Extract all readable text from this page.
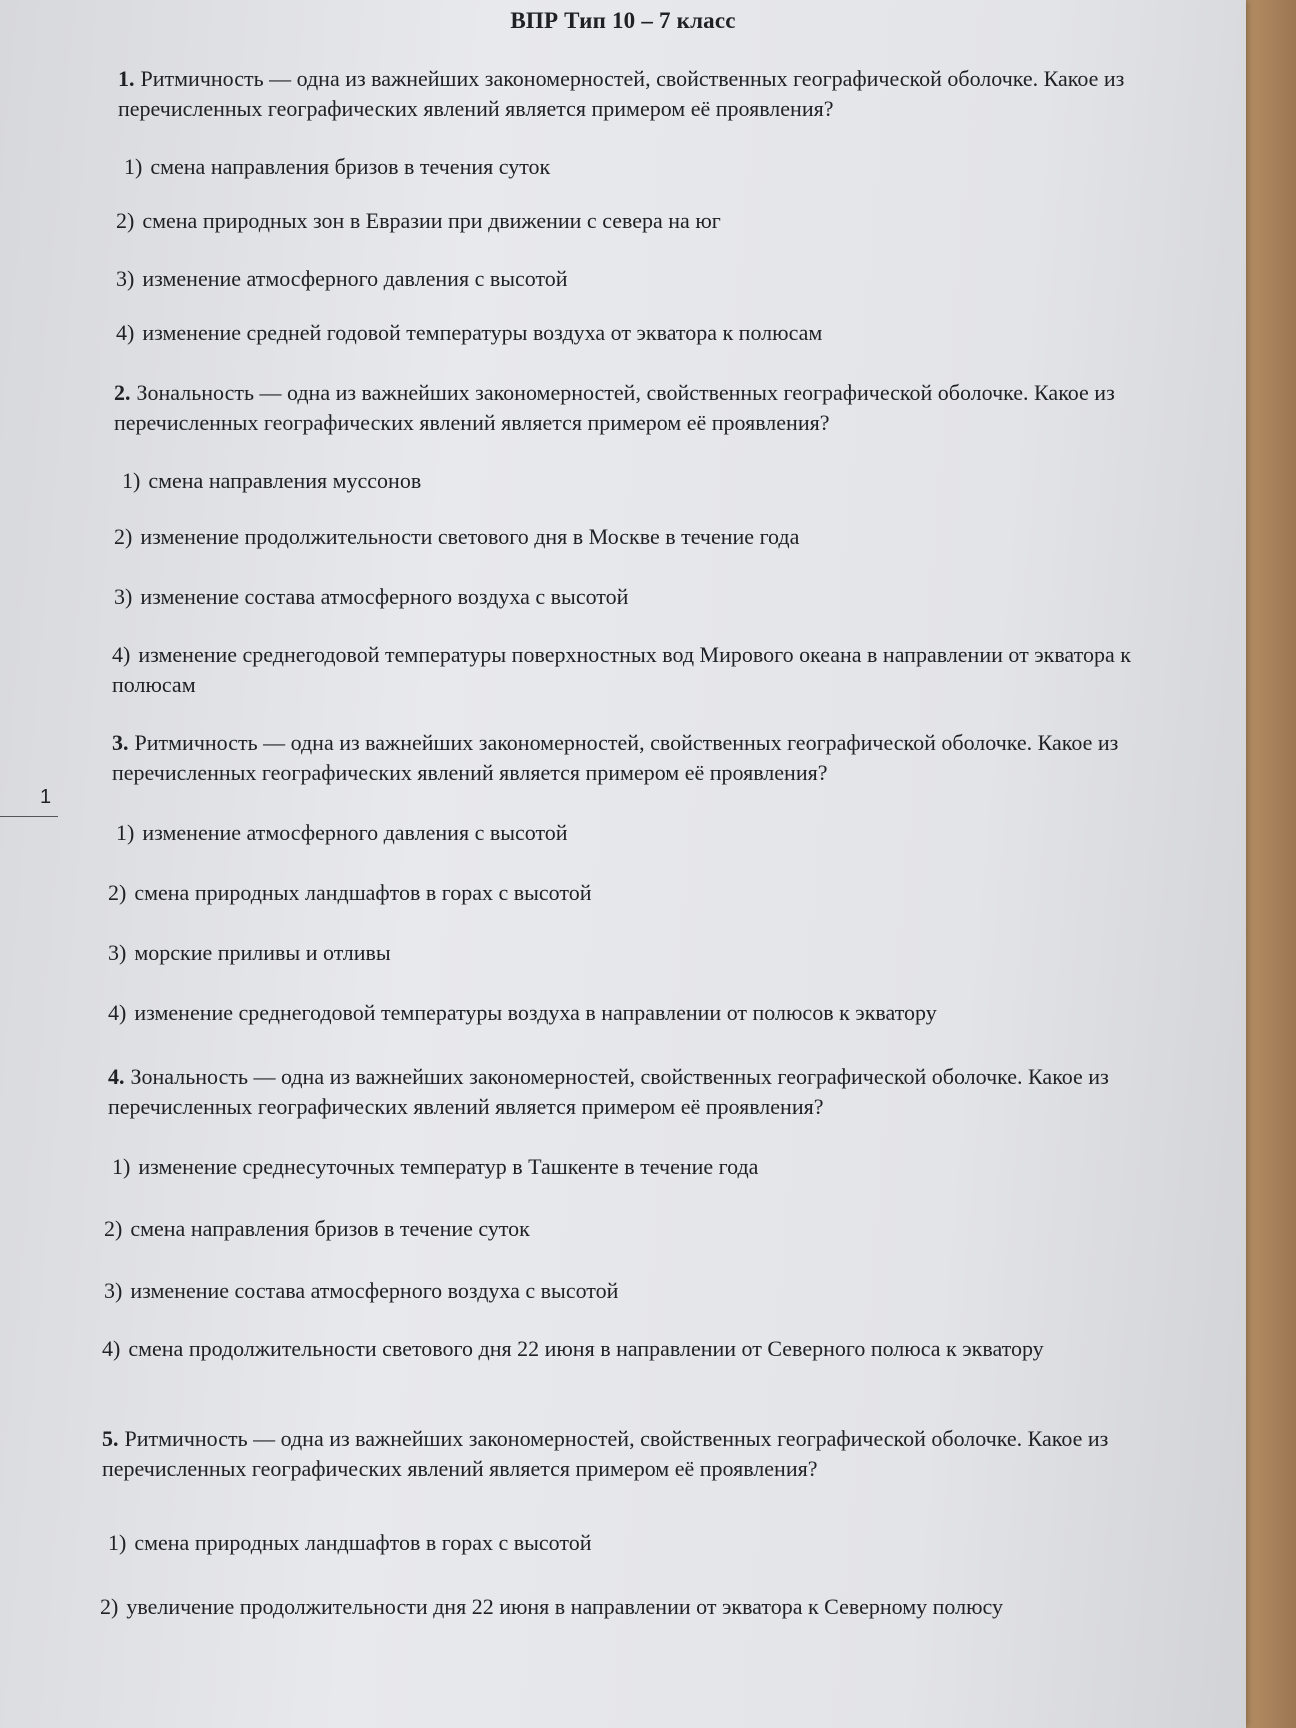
ВПР Тип 10 – 7 класс
1
1. Ритмичность — одна из важнейших закономерностей, свойственных географической оболочке. Какое из перечисленных географических явлений является примером её проявления?
1) смена направления бризов в течения суток
2) смена природных зон в Евразии при движении с севера на юг
3) изменение атмосферного давления с высотой
4) изменение средней годовой температуры воздуха от экватора к полюсам
2. Зональность — одна из важнейших закономерностей, свойственных географической оболочке. Какое из перечисленных географических явлений является примером её проявления?
1) смена направления муссонов
2) изменение продолжительности светового дня в Москве в течение года
3) изменение состава атмосферного воздуха с высотой
4) изменение среднегодовой температуры поверхностных вод Мирового океана в направлении от экватора к полюсам
3. Ритмичность — одна из важнейших закономерностей, свойственных географической оболочке. Какое из перечисленных географических явлений является примером её проявления?
1) изменение атмосферного давления с высотой
2) смена природных ландшафтов в горах с высотой
3) морские приливы и отливы
4) изменение среднегодовой температуры воздуха в направлении от полюсов к экватору
4. Зональность — одна из важнейших закономерностей, свойственных географической оболочке. Какое из перечисленных географических явлений является примером её проявления?
1) изменение среднесуточных температур в Ташкенте в течение года
2) смена направления бризов в течение суток
3) изменение состава атмосферного воздуха с высотой
4) смена продолжительности светового дня 22 июня в направлении от Северного полюса к экватору
5. Ритмичность — одна из важнейших закономерностей, свойственных географической оболочке. Какое из перечисленных географических явлений является примером её проявления?
1) смена природных ландшафтов в горах с высотой
2) увеличение продолжительности дня 22 июня в направлении от экватора к Северному полюсу
